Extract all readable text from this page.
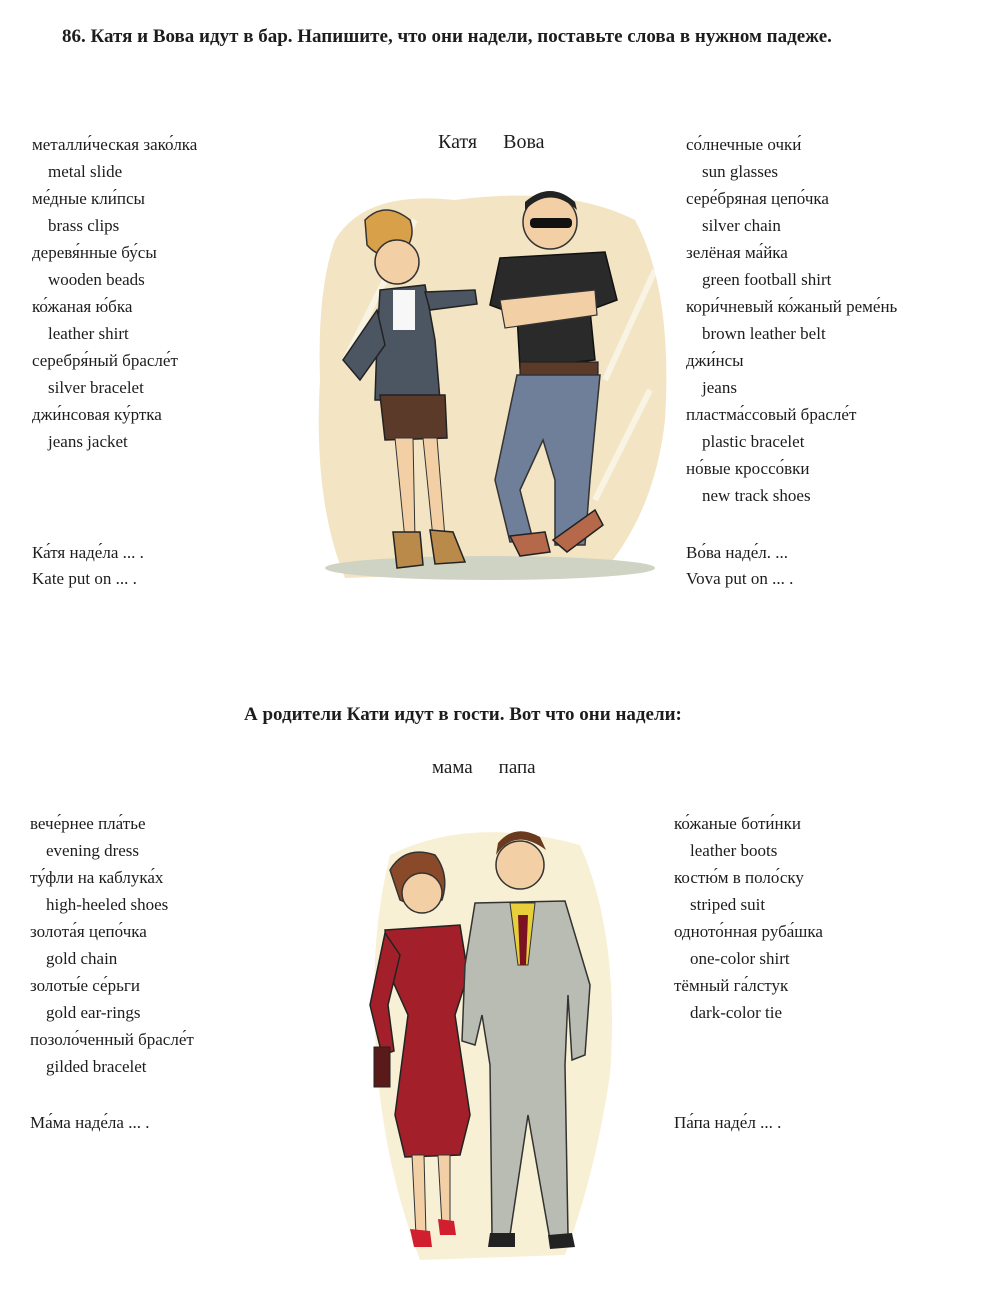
86. Катя и Вова идут в бар. Напишите, что они надели, поставьте слова в нужном падеже.
металли́ческая зако́лка
metal slide
ме́дные кли́псы
brass clips
деревя́нные бу́сы
wooden beads
ко́жаная ю́бка
leather shirt
серебря́ный брасле́т
silver bracelet
джи́нсовая ку́ртка
jeans jacket
Катя Вова	со́лнечные очки́
sun glasses
сере́бряная цепо́чка
silver chain
зелёная ма́йка
green football shirt
кори́чневый ко́жаный реме́нь
brown leather belt
джи́нсы
jeans
пластма́ссовый брасле́т
plastic bracelet
но́вые кроссо́вки
new track shoes
Ка́тя наде́ла ... .
Kate put on ... .
Во́ва наде́л. ...
Vova put on ... .
А родители Кати идут в гости. Вот что они надели:
мама папа
вече́рнее пла́тье
evening dress
ту́фли на каблука́х
high-heeled shoes
золота́я цепо́чка
gold chain
золоты́е се́рьги
gold ear-rings
позоло́ченный брасле́т
gilded bracelet
ко́жаные боти́нки
leather boots
костю́м в поло́ску
striped suit
одното́нная руба́шка
one-color shirt
тёмный га́лстук
dark-color tie
Ма́ма наде́ла ... .	Па́па наде́л ... .
